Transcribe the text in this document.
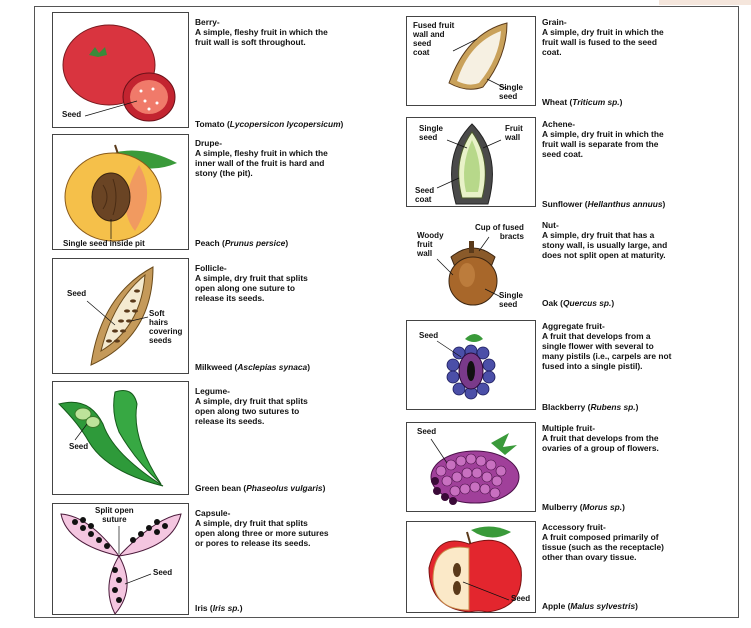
Seed
Berry-
A simple, fleshy fruit in which the fruit wall is soft throughout.
Tomato (Lycopersicon lycopersicum)
Single seed inside pit
Drupe-
A simple, fleshy fruit in which the inner wall of the fruit is hard and stony (the pit).
Peach (Prunus persice)
Seed
Soft
hairs
covering
seeds
Follicle-
A simple, dry fruit that splits open along one suture to release its seeds.
Milkweed (Asclepias synaca)
Seed
Legume-
A simple, dry fruit that splits open along two sutures to release its seeds.
Green bean (Phaseolus vulgaris)
Split open
suture
Seed
Capsule-
A simple, dry fruit that splits open along three or more sutures or pores to release its seeds.
Iris (Iris sp.)
Fused fruit
wall and
seed
coat
Single
seed
Grain-
A simple, dry fruit in which the fruit wall is fused to the seed coat.
Wheat (Triticum sp.)
Single
seed
Fruit
wall
Seed
coat
Achene-
A simple, dry fruit in which the fruit wall is separate from the seed coat.
Sunflower (Hellanthus annuus)
Cup of fused
bracts
Woody
fruit
wall
Single
seed
Nut-
A simple, dry fruit that has a stony wall, is usually large, and does not split open at maturity.
Oak (Quercus sp.)
Seed
Aggregate fruit-
A fruit that develops from a single flower with several to many pistils (i.e., carpels are not fused into a single pistil).
Blackberry (Rubens sp.)
Seed	Multiple fruit-
A fruit that develops from the ovaries of a group of flowers.
Mulberry (Morus sp.)
Seed
Accessory fruit-
A fruit composed primarily of tissue (such as the receptacle) other than ovary tissue.
Apple (Malus sylvestris)
